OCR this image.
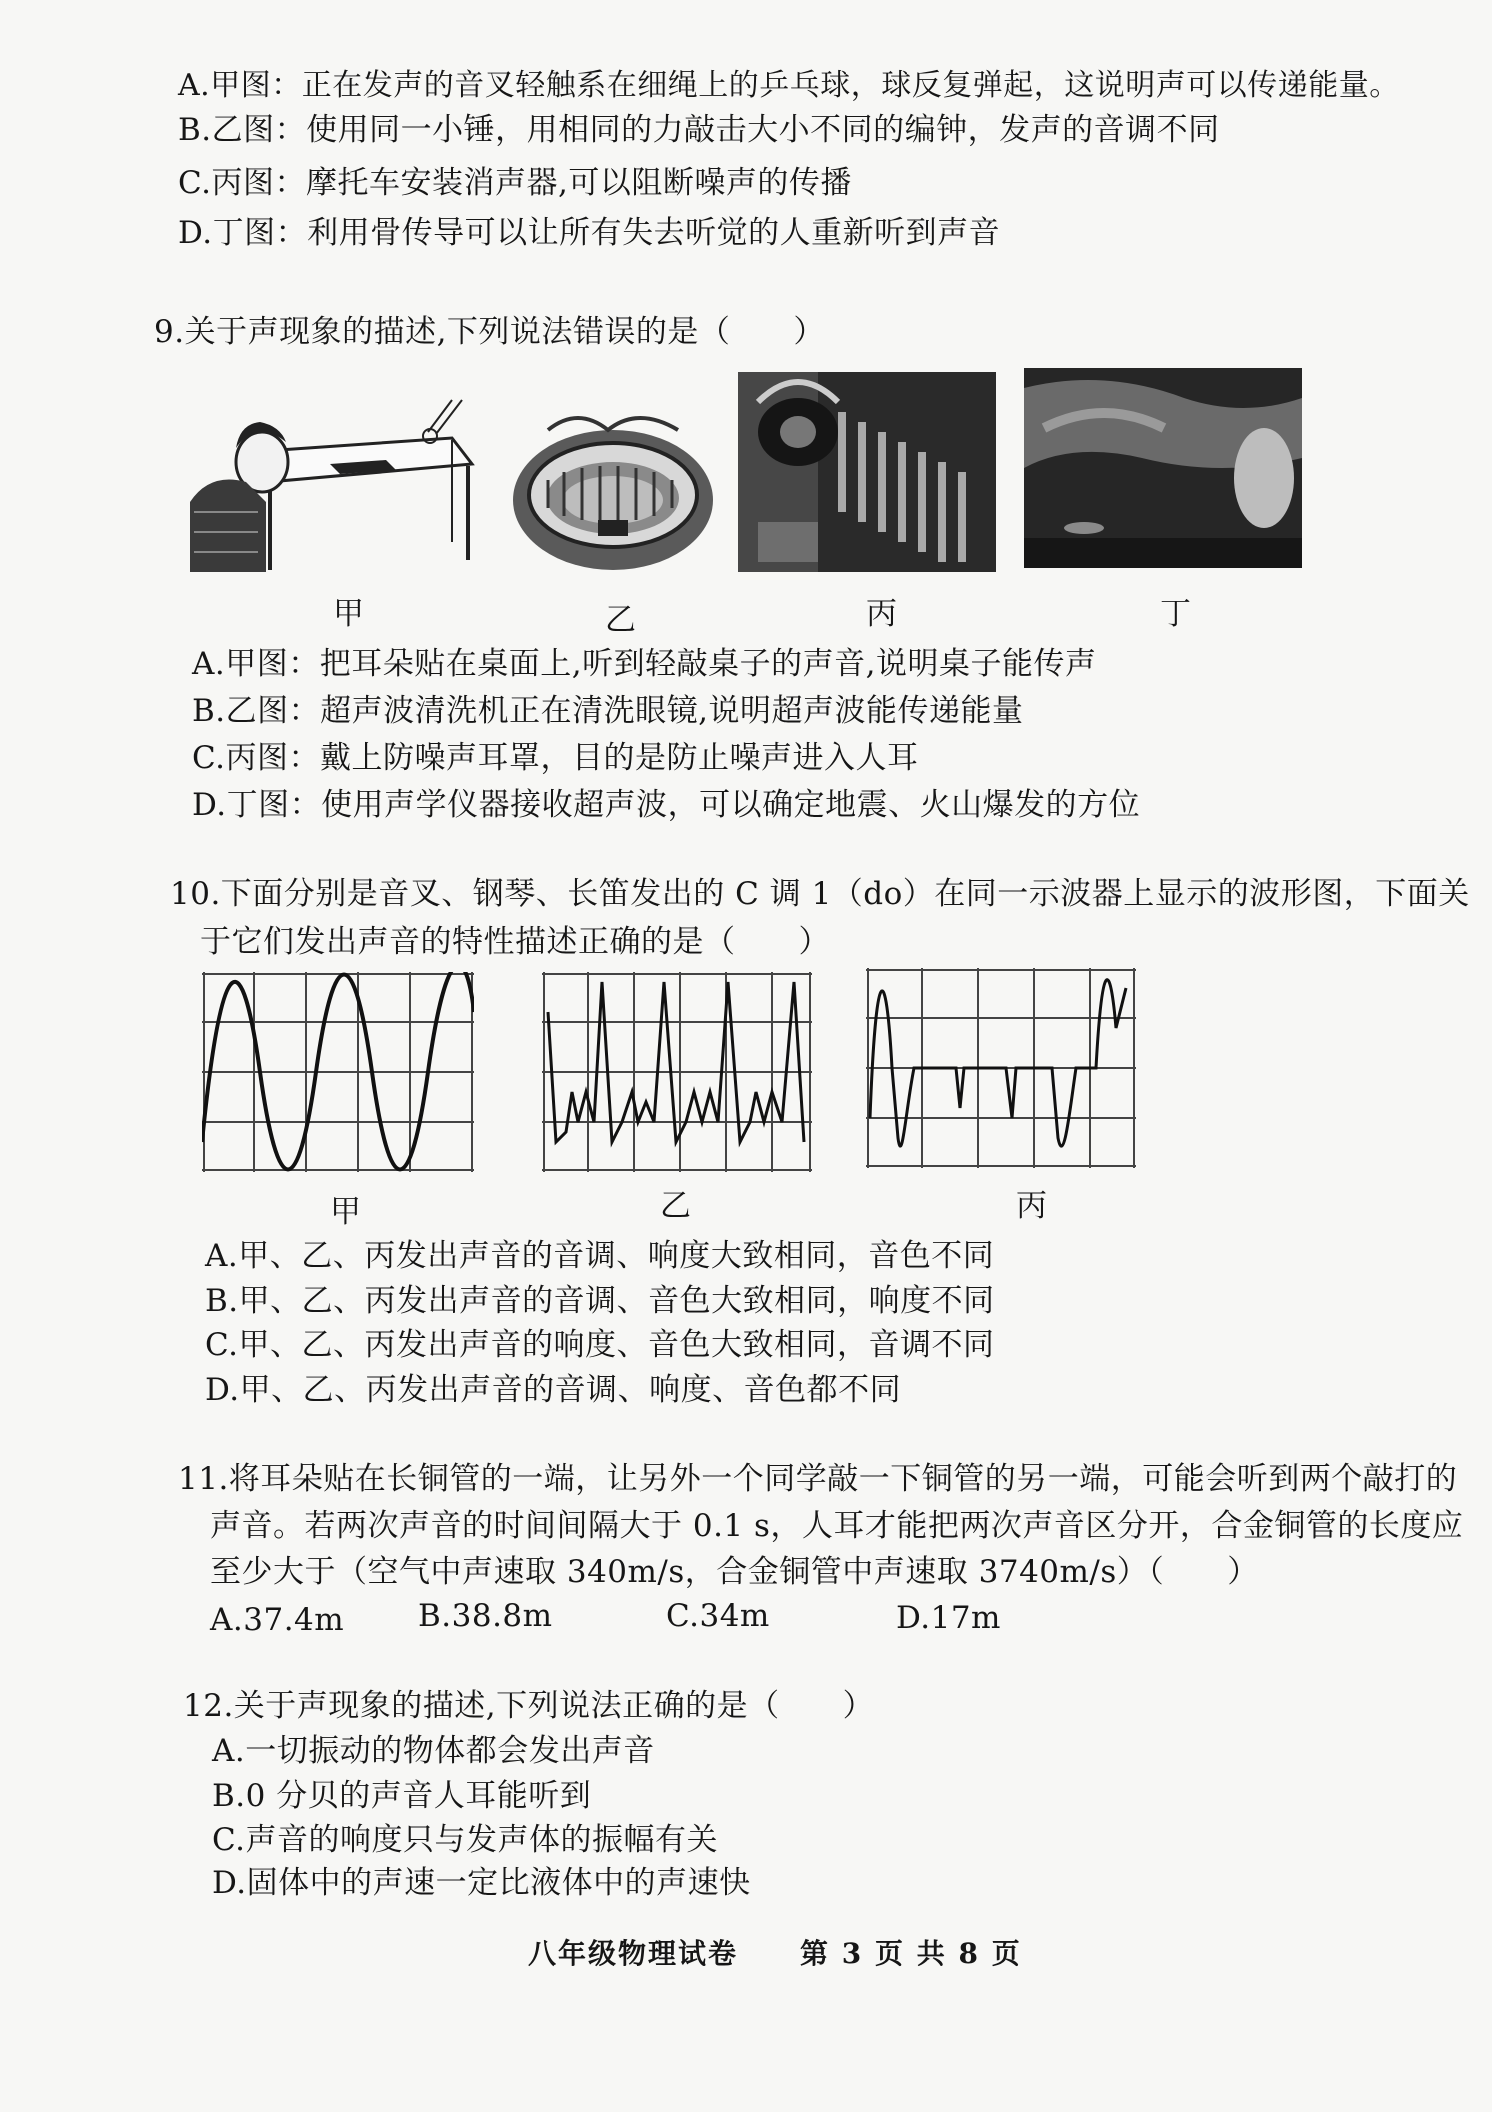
A.甲图：正在发声的音叉轻触系在细绳上的乒乓球，球反复弹起，这说明声可以传递能量。
B.乙图：使用同一小锤，用相同的力敲击大小不同的编钟，发声的音调不同
C.丙图：摩托车安装消声器,可以阻断噪声的传播
D.丁图：利用骨传导可以让所有失去听觉的人重新听到声音
9.关于声现象的描述,下列说法错误的是（　　）
甲	乙	丙	丁
A.甲图：把耳朵贴在桌面上,听到轻敲桌子的声音,说明桌子能传声
B.乙图：超声波清洗机正在清洗眼镜,说明超声波能传递能量
C.丙图：戴上防噪声耳罩，目的是防止噪声进入人耳
D.丁图：使用声学仪器接收超声波，可以确定地震、火山爆发的方位
10.下面分别是音叉、钢琴、长笛发出的 C 调 1（do）在同一示波器上显示的波形图，下面关
于它们发出声音的特性描述正确的是（　　）
甲	乙	丙
A.甲、乙、丙发出声音的音调、响度大致相同，音色不同
B.甲、乙、丙发出声音的音调、音色大致相同，响度不同
C.甲、乙、丙发出声音的响度、音色大致相同，音调不同
D.甲、乙、丙发出声音的音调、响度、音色都不同
11.将耳朵贴在长铜管的一端，让另外一个同学敲一下铜管的另一端，可能会听到两个敲打的
声音。若两次声音的时间间隔大于 0.1 s，人耳才能把两次声音区分开，合金铜管的长度应
至少大于（空气中声速取 340m/s，合金铜管中声速取 3740m/s）（　　）
A.37.4m B.38.8m	C.34m	D.17m
12.关于声现象的描述,下列说法正确的是（　　）
A.一切振动的物体都会发出声音
B.0 分贝的声音人耳能听到
C.声音的响度只与发声体的振幅有关
D.固体中的声速一定比液体中的声速快
八年级物理试卷 第 3 页 共 8 页
